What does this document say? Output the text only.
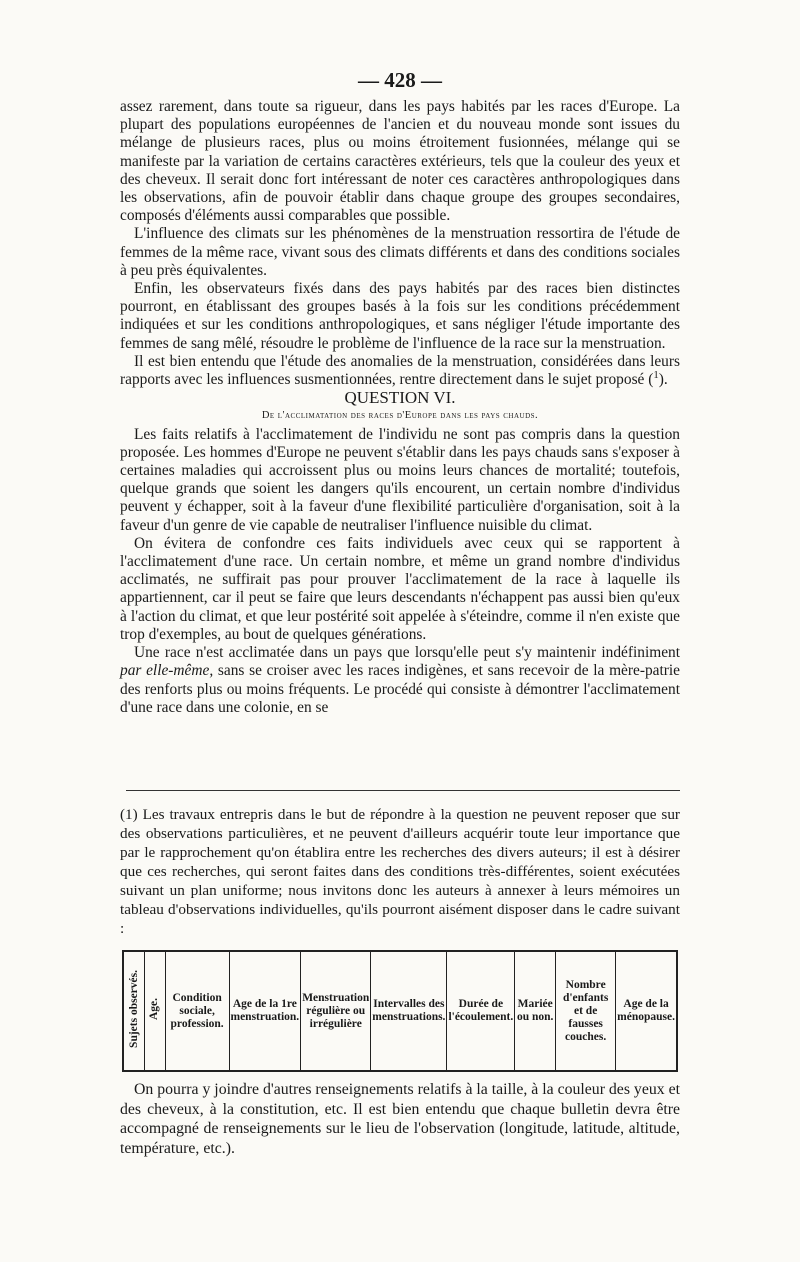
— 428 —

assez rarement, dans toute sa rigueur, dans les pays habités par les races d'Europe. La plupart des populations européennes de l'ancien et du nouveau monde sont issues du mélange de plusieurs races, plus ou moins étroitement fusionnées, mélange qui se manifeste par la variation de certains caractères extérieurs, tels que la couleur des yeux et des cheveux. Il serait donc fort intéressant de noter ces caractères anthropologiques dans les observations, afin de pouvoir établir dans chaque groupe des groupes secondaires, composés d'éléments aussi comparables que possible.

L'influence des climats sur les phénomènes de la menstruation ressortira de l'étude de femmes de la même race, vivant sous des climats différents et dans des conditions sociales à peu près équivalentes.

Enfin, les observateurs fixés dans des pays habités par des races bien distinctes pourront, en établissant des groupes basés à la fois sur les conditions précédemment indiquées et sur les conditions anthropologiques, et sans négliger l'étude importante des femmes de sang mêlé, résoudre le problème de l'influence de la race sur la menstruation.

Il est bien entendu que l'étude des anomalies de la menstruation, considérées dans leurs rapports avec les influences susmentionnées, rentre directement dans le sujet proposé ($^1$).

QUESTION VI.

De l'acclimatation des races d'Europe dans les pays chauds.

Les faits relatifs à l'acclimatement de l'individu ne sont pas compris dans la question proposée. Les hommes d'Europe ne peuvent s'établir dans les pays chauds sans s'exposer à certaines maladies qui accroissent plus ou moins leurs chances de mortalité; toutefois, quelque grands que soient les dangers qu'ils encourent, un certain nombre d'individus peuvent y échapper, soit à la faveur d'une flexibilité particulière d'organisation, soit à la faveur d'un genre de vie capable de neutraliser l'influence nuisible du climat.

On évitera de confondre ces faits individuels avec ceux qui se rapportent à l'acclimatement d'une race. Un certain nombre, et même un grand nombre d'individus acclimatés, ne suffirait pas pour prouver l'acclimatement de la race à laquelle ils appartiennent, car il peut se faire que leurs descendants n'échappent pas aussi bien qu'eux à l'action du climat, et que leur postérité soit appelée à s'éteindre, comme il n'en existe que trop d'exemples, au bout de quelques générations.

Une race n'est acclimatée dans un pays que lorsqu'elle peut s'y maintenir indéfiniment par elle-même, sans se croiser avec les races indigènes, et sans recevoir de la mère-patrie des renforts plus ou moins fréquents. Le procédé qui consiste à démontrer l'acclimatement d'une race dans une colonie, en se

(1) Les travaux entrepris dans le but de répondre à la question ne peuvent reposer que sur des observations particulières, et ne peuvent d'ailleurs acquérir toute leur importance que par le rapprochement qu'on établira entre les recherches des divers auteurs; il est à désirer que ces recherches, qui seront faites dans des conditions très-différentes, soient exécutées suivant un plan uniforme; nous invitons donc les auteurs à annexer à leurs mémoires un tableau d'observations individuelles, qu'ils pourront aisément disposer dans le cadre suivant :

Sujets observés.	Age.	Condition sociale, profession.	Age de la 1re menstruation.	Menstruation régulière ou irrégulière	Intervalles des menstruations.	Durée de l'écoulement.	Mariée ou non.	Nombre d'enfants et de fausses couches.	Age de la ménopause.

On pourra y joindre d'autres renseignements relatifs à la taille, à la couleur des yeux et des cheveux, à la constitution, etc. Il est bien entendu que chaque bulletin devra être accompagné de renseignements sur le lieu de l'observation (longitude, latitude, altitude, température, etc.).
